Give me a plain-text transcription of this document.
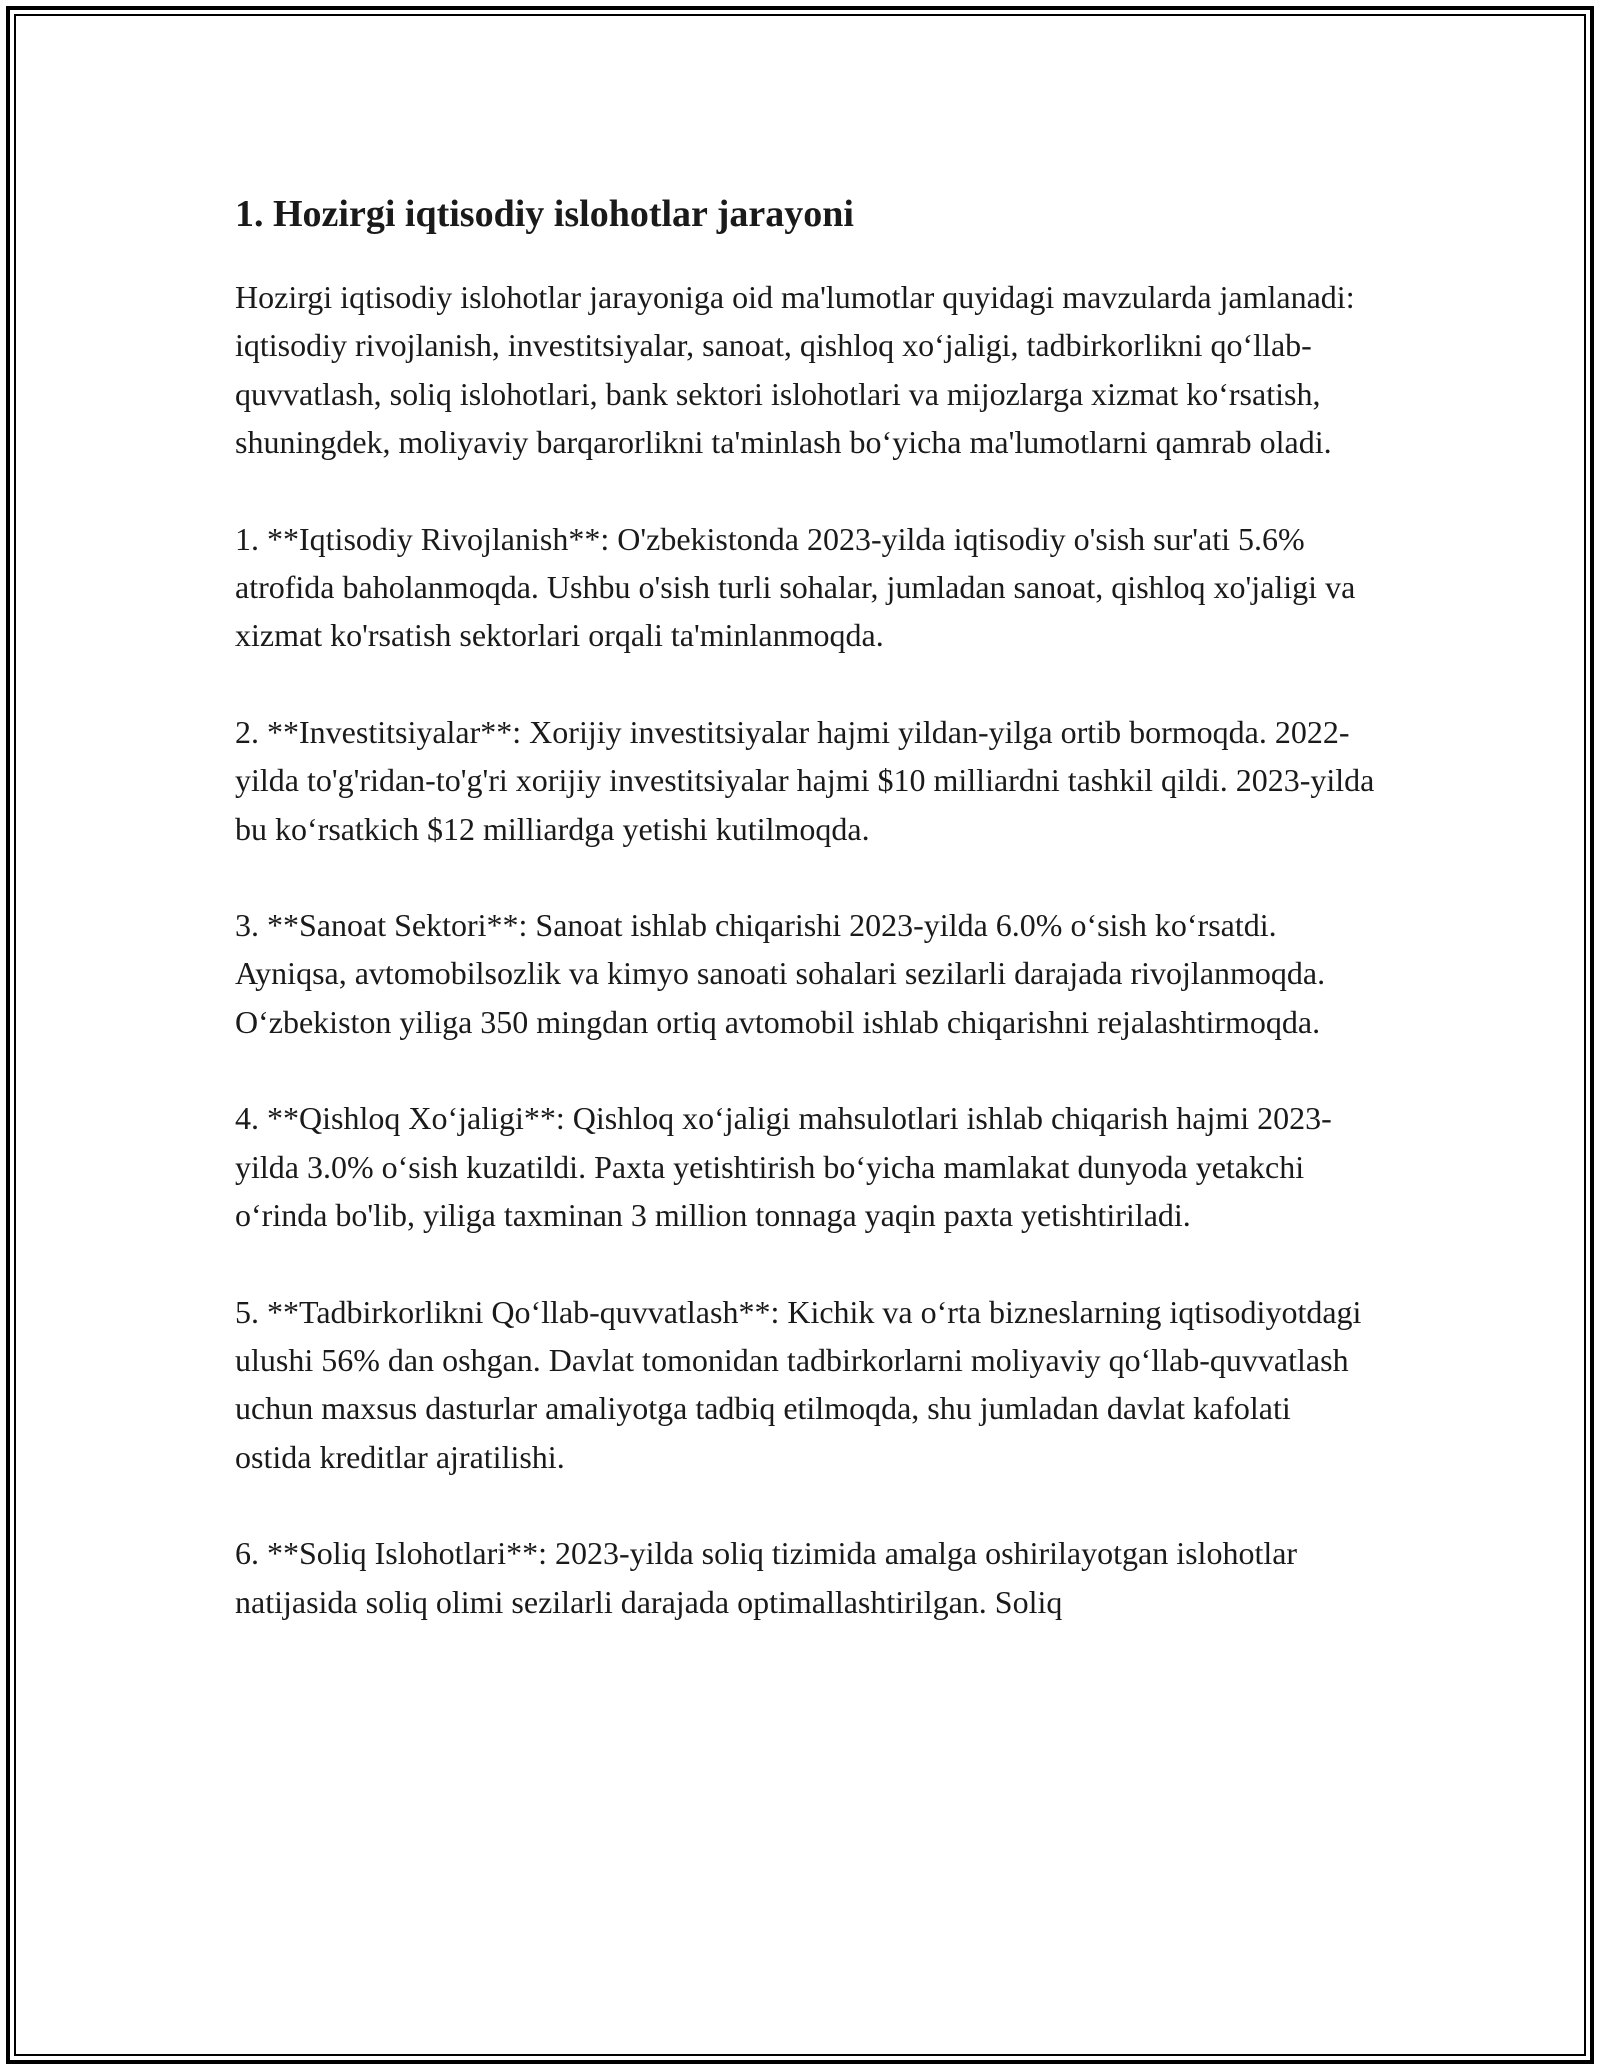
1. Hozirgi iqtisodiy islohotlar jarayoni

Hozirgi iqtisodiy islohotlar jarayoniga oid ma'lumotlar quyidagi mavzularda jamlanadi: iqtisodiy rivojlanish, investitsiyalar, sanoat, qishloq xo‘jaligi, tadbirkorlikni qo‘llab-quvvatlash, soliq islohotlari, bank sektori islohotlari va mijozlarga xizmat ko‘rsatish, shuningdek, moliyaviy barqarorlikni ta'minlash bo‘yicha ma'lumotlarni qamrab oladi.

1. **Iqtisodiy Rivojlanish**: O'zbekistonda 2023-yilda iqtisodiy o'sish sur'ati 5.6% atrofida baholanmoqda. Ushbu o'sish turli sohalar, jumladan sanoat, qishloq xo'jaligi va xizmat ko'rsatish sektorlari orqali ta'minlanmoqda.

2. **Investitsiyalar**: Xorijiy investitsiyalar hajmi yildan-yilga ortib bormoqda. 2022-yilda to'g'ridan-to'g'ri xorijiy investitsiyalar hajmi $10 milliardni tashkil qildi. 2023-yilda bu ko‘rsatkich $12 milliardga yetishi kutilmoqda.

3. **Sanoat Sektori**: Sanoat ishlab chiqarishi 2023-yilda 6.0% o‘sish ko‘rsatdi. Ayniqsa, avtomobilsozlik va kimyo sanoati sohalari sezilarli darajada rivojlanmoqda. O‘zbekiston yiliga 350 mingdan ortiq avtomobil ishlab chiqarishni rejalashtirmoqda.

4. **Qishloq Xo‘jaligi**: Qishloq xo‘jaligi mahsulotlari ishlab chiqarish hajmi 2023-yilda 3.0% o‘sish kuzatildi. Paxta yetishtirish bo‘yicha mamlakat dunyoda yetakchi o‘rinda bo'lib, yiliga taxminan 3 million tonnaga yaqin paxta yetishtiriladi.

5. **Tadbirkorlikni Qo‘llab-quvvatlash**: Kichik va o‘rta bizneslarning iqtisodiyotdagi ulushi 56% dan oshgan. Davlat tomonidan tadbirkorlarni moliyaviy qo‘llab-quvvatlash uchun maxsus dasturlar amaliyotga tadbiq etilmoqda, shu jumladan davlat kafolati ostida kreditlar ajratilishi.

6. **Soliq Islohotlari**: 2023-yilda soliq tizimida amalga oshirilayotgan islohotlar natijasida soliq olimi sezilarli darajada optimallashtirilgan. Soliq
